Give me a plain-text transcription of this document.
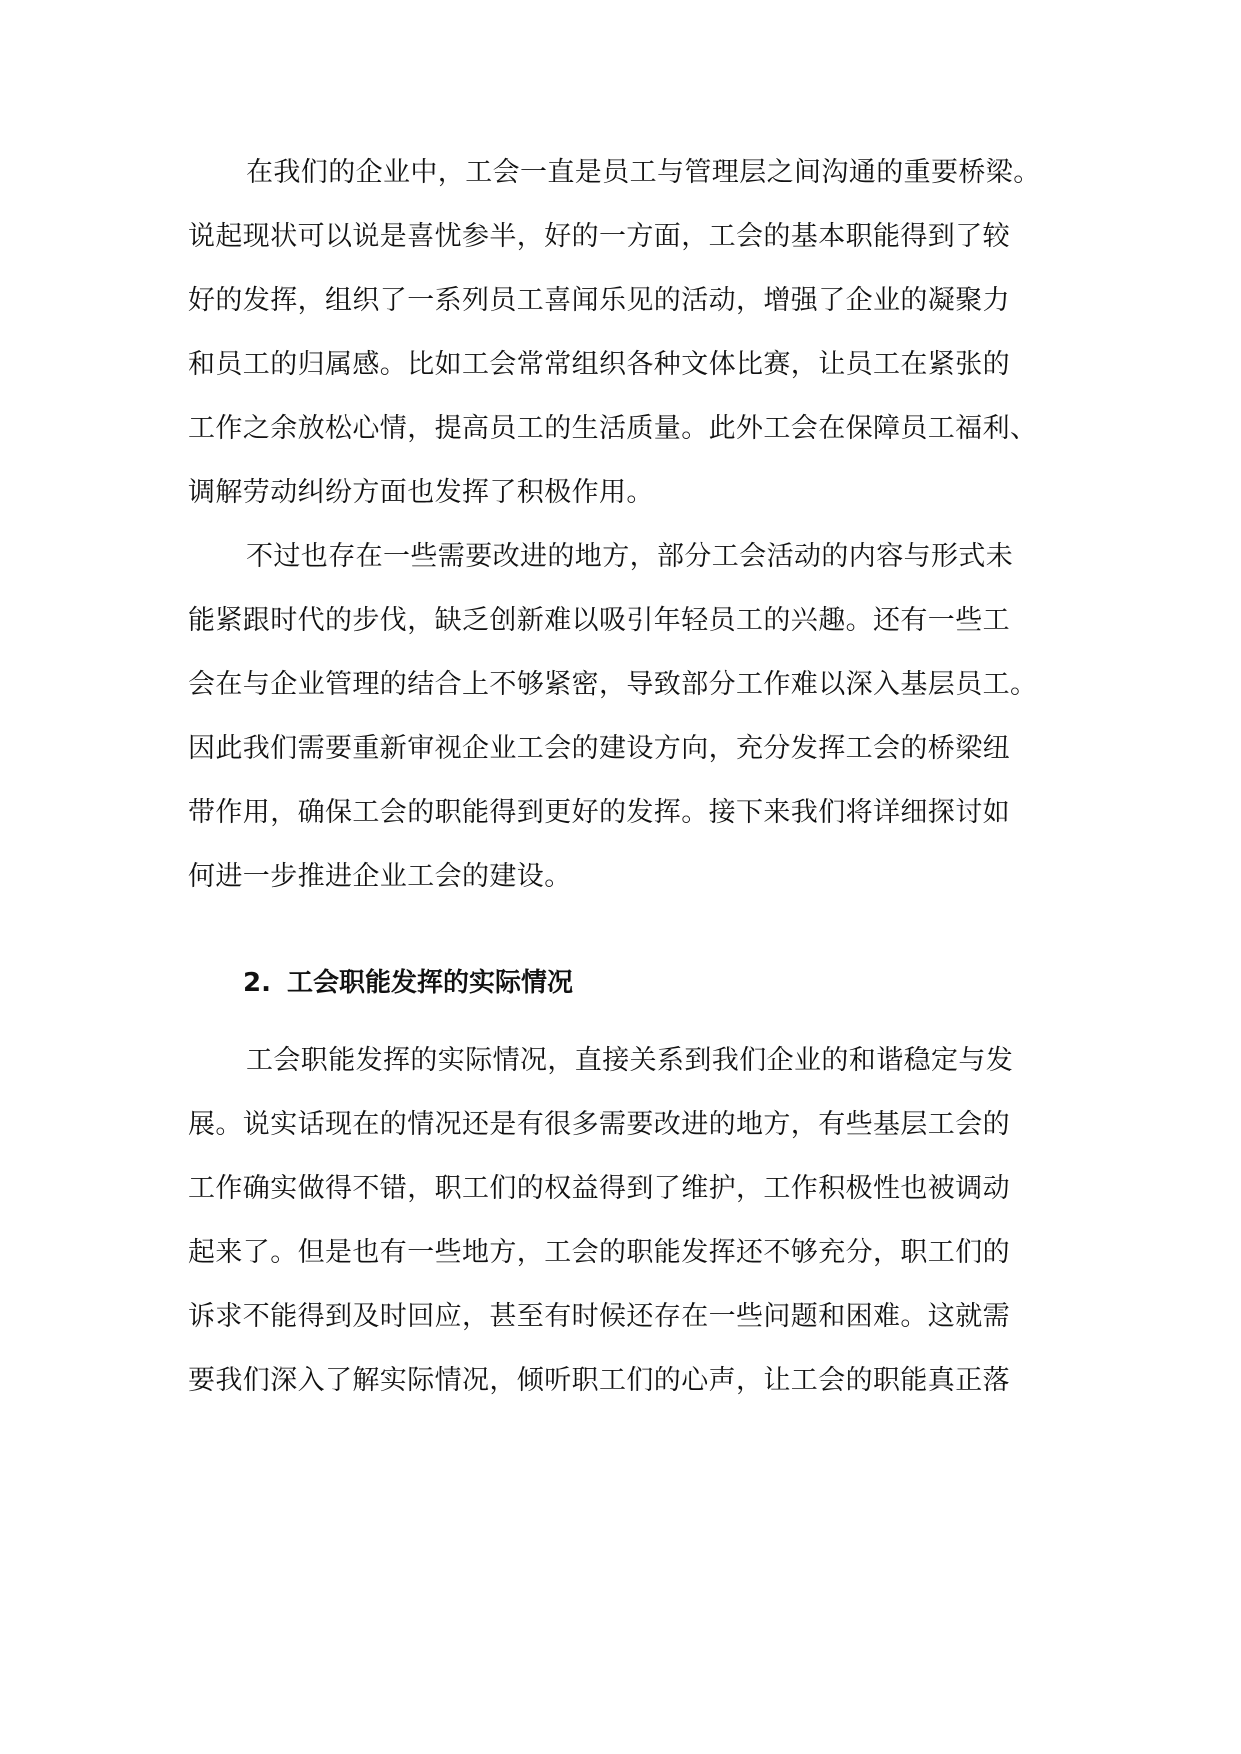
在我们的企业中，工会一直是员工与管理层之间沟通的重要桥梁。

说起现状可以说是喜忧参半，好的一方面，工会的基本职能得到了较

好的发挥，组织了一系列员工喜闻乐见的活动，增强了企业的凝聚力

和员工的归属感。比如工会常常组织各种文体比赛，让员工在紧张的

工作之余放松心情，提高员工的生活质量。此外工会在保障员工福利、

调解劳动纠纷方面也发挥了积极作用。

不过也存在一些需要改进的地方，部分工会活动的内容与形式未

能紧跟时代的步伐，缺乏创新难以吸引年轻员工的兴趣。还有一些工

会在与企业管理的结合上不够紧密，导致部分工作难以深入基层员工。

因此我们需要重新审视企业工会的建设方向，充分发挥工会的桥梁纽

带作用，确保工会的职能得到更好的发挥。接下来我们将详细探讨如

何进一步推进企业工会的建设。

2. 工会职能发挥的实际情况

工会职能发挥的实际情况，直接关系到我们企业的和谐稳定与发

展。说实话现在的情况还是有很多需要改进的地方，有些基层工会的

工作确实做得不错，职工们的权益得到了维护，工作积极性也被调动

起来了。但是也有一些地方，工会的职能发挥还不够充分，职工们的

诉求不能得到及时回应，甚至有时候还存在一些问题和困难。这就需

要我们深入了解实际情况，倾听职工们的心声，让工会的职能真正落
